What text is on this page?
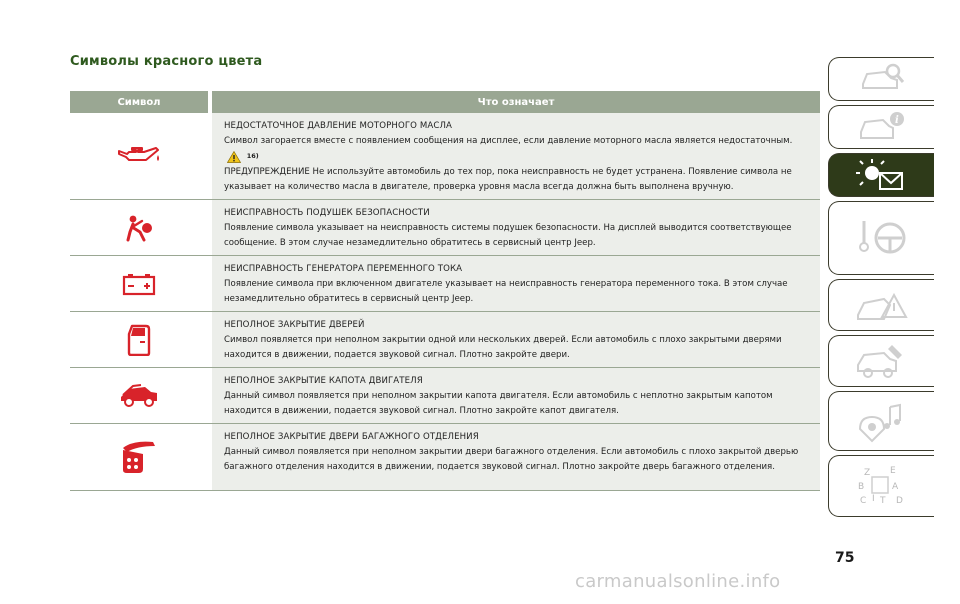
Символы красного цвета
Символ	Что означает
НЕДОСТАТОЧНОЕ ДАВЛЕНИЕ МОТОРНОГО МАСЛА
Символ загорается вместе с появлением сообщения на дисплее, если давление моторного масла является недостаточным.  16)
ПРЕДУПРЕЖДЕНИЕ Не используйте автомобиль до тех пор, пока неисправность не будет устранена. Появление символа не указывает на количество масла в двигателе, проверка уровня масла всегда должна быть выполнена вручную.
НЕИСПРАВНОСТЬ ПОДУШЕК БЕЗОПАСНОСТИ
Появление символа указывает на неисправность системы подушек безопасности. На дисплей выводится соответствующее сообщение. В этом случае незамедлительно обратитесь в сервисный центр Jeep.
НЕИСПРАВНОСТЬ ГЕНЕРАТОРА ПЕРЕМЕННОГО ТОКА
Появление символа при включенном двигателе указывает на неисправность генератора переменного тока. В этом случае незамедлительно обратитесь в сервисный центр Jeep.
НЕПОЛНОЕ ЗАКРЫТИЕ ДВЕРЕЙ
Символ появляется при неполном закрытии одной или нескольких дверей. Если автомобиль с плохо закрытыми дверями находится в движении, подается звуковой сигнал. Плотно закройте двери.
НЕПОЛНОЕ ЗАКРЫТИЕ КАПОТА ДВИГАТЕЛЯ
Данный символ появляется при неполном закрытии капота двигателя. Если автомобиль с неплотно закрытым капотом находится в движении, подается звуковой сигнал. Плотно закройте капот двигателя.
НЕПОЛНОЕ ЗАКРЫТИЕ ДВЕРИ БАГАЖНОГО ОТДЕЛЕНИЯ
Данный символ появляется при неполном закрытии двери багажного отделения. Если автомобиль с плохо закрытой дверью багажного отделения находится в движении, подается звуковой сигнал. Плотно закройте дверь багажного отделения.
i
Z E
B	A
I
C T D
75
carmanualsonline.info
